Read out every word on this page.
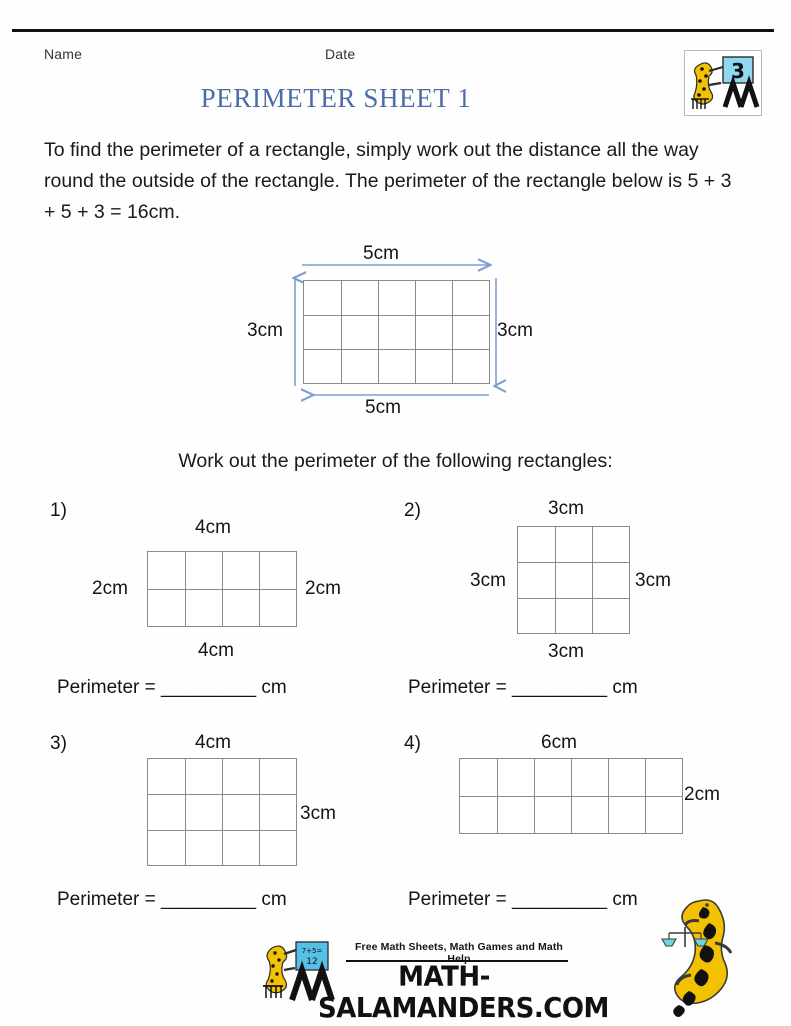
Name	Date
PERIMETER SHEET 1
3
To find the perimeter of a rectangle, simply work out the distance all the way round the outside of the rectangle. The perimeter of the rectangle below is 5 + 3 + 5 + 3 = 16cm.
5cm
3cm	3cm
5cm
Work out the perimeter of the following rectangles:
1)
4cm
2cm	2cm
4cm
Perimeter = _________ cm
2)	3cm
3cm	3cm
3cm
Perimeter = _________ cm
3)	4cm
3cm
Perimeter = _________ cm
4)	6cm
2cm
Perimeter = _________ cm
7+5=
12
Free Math Sheets, Math Games and Math Help
MATH-SALAMANDERS.COM
